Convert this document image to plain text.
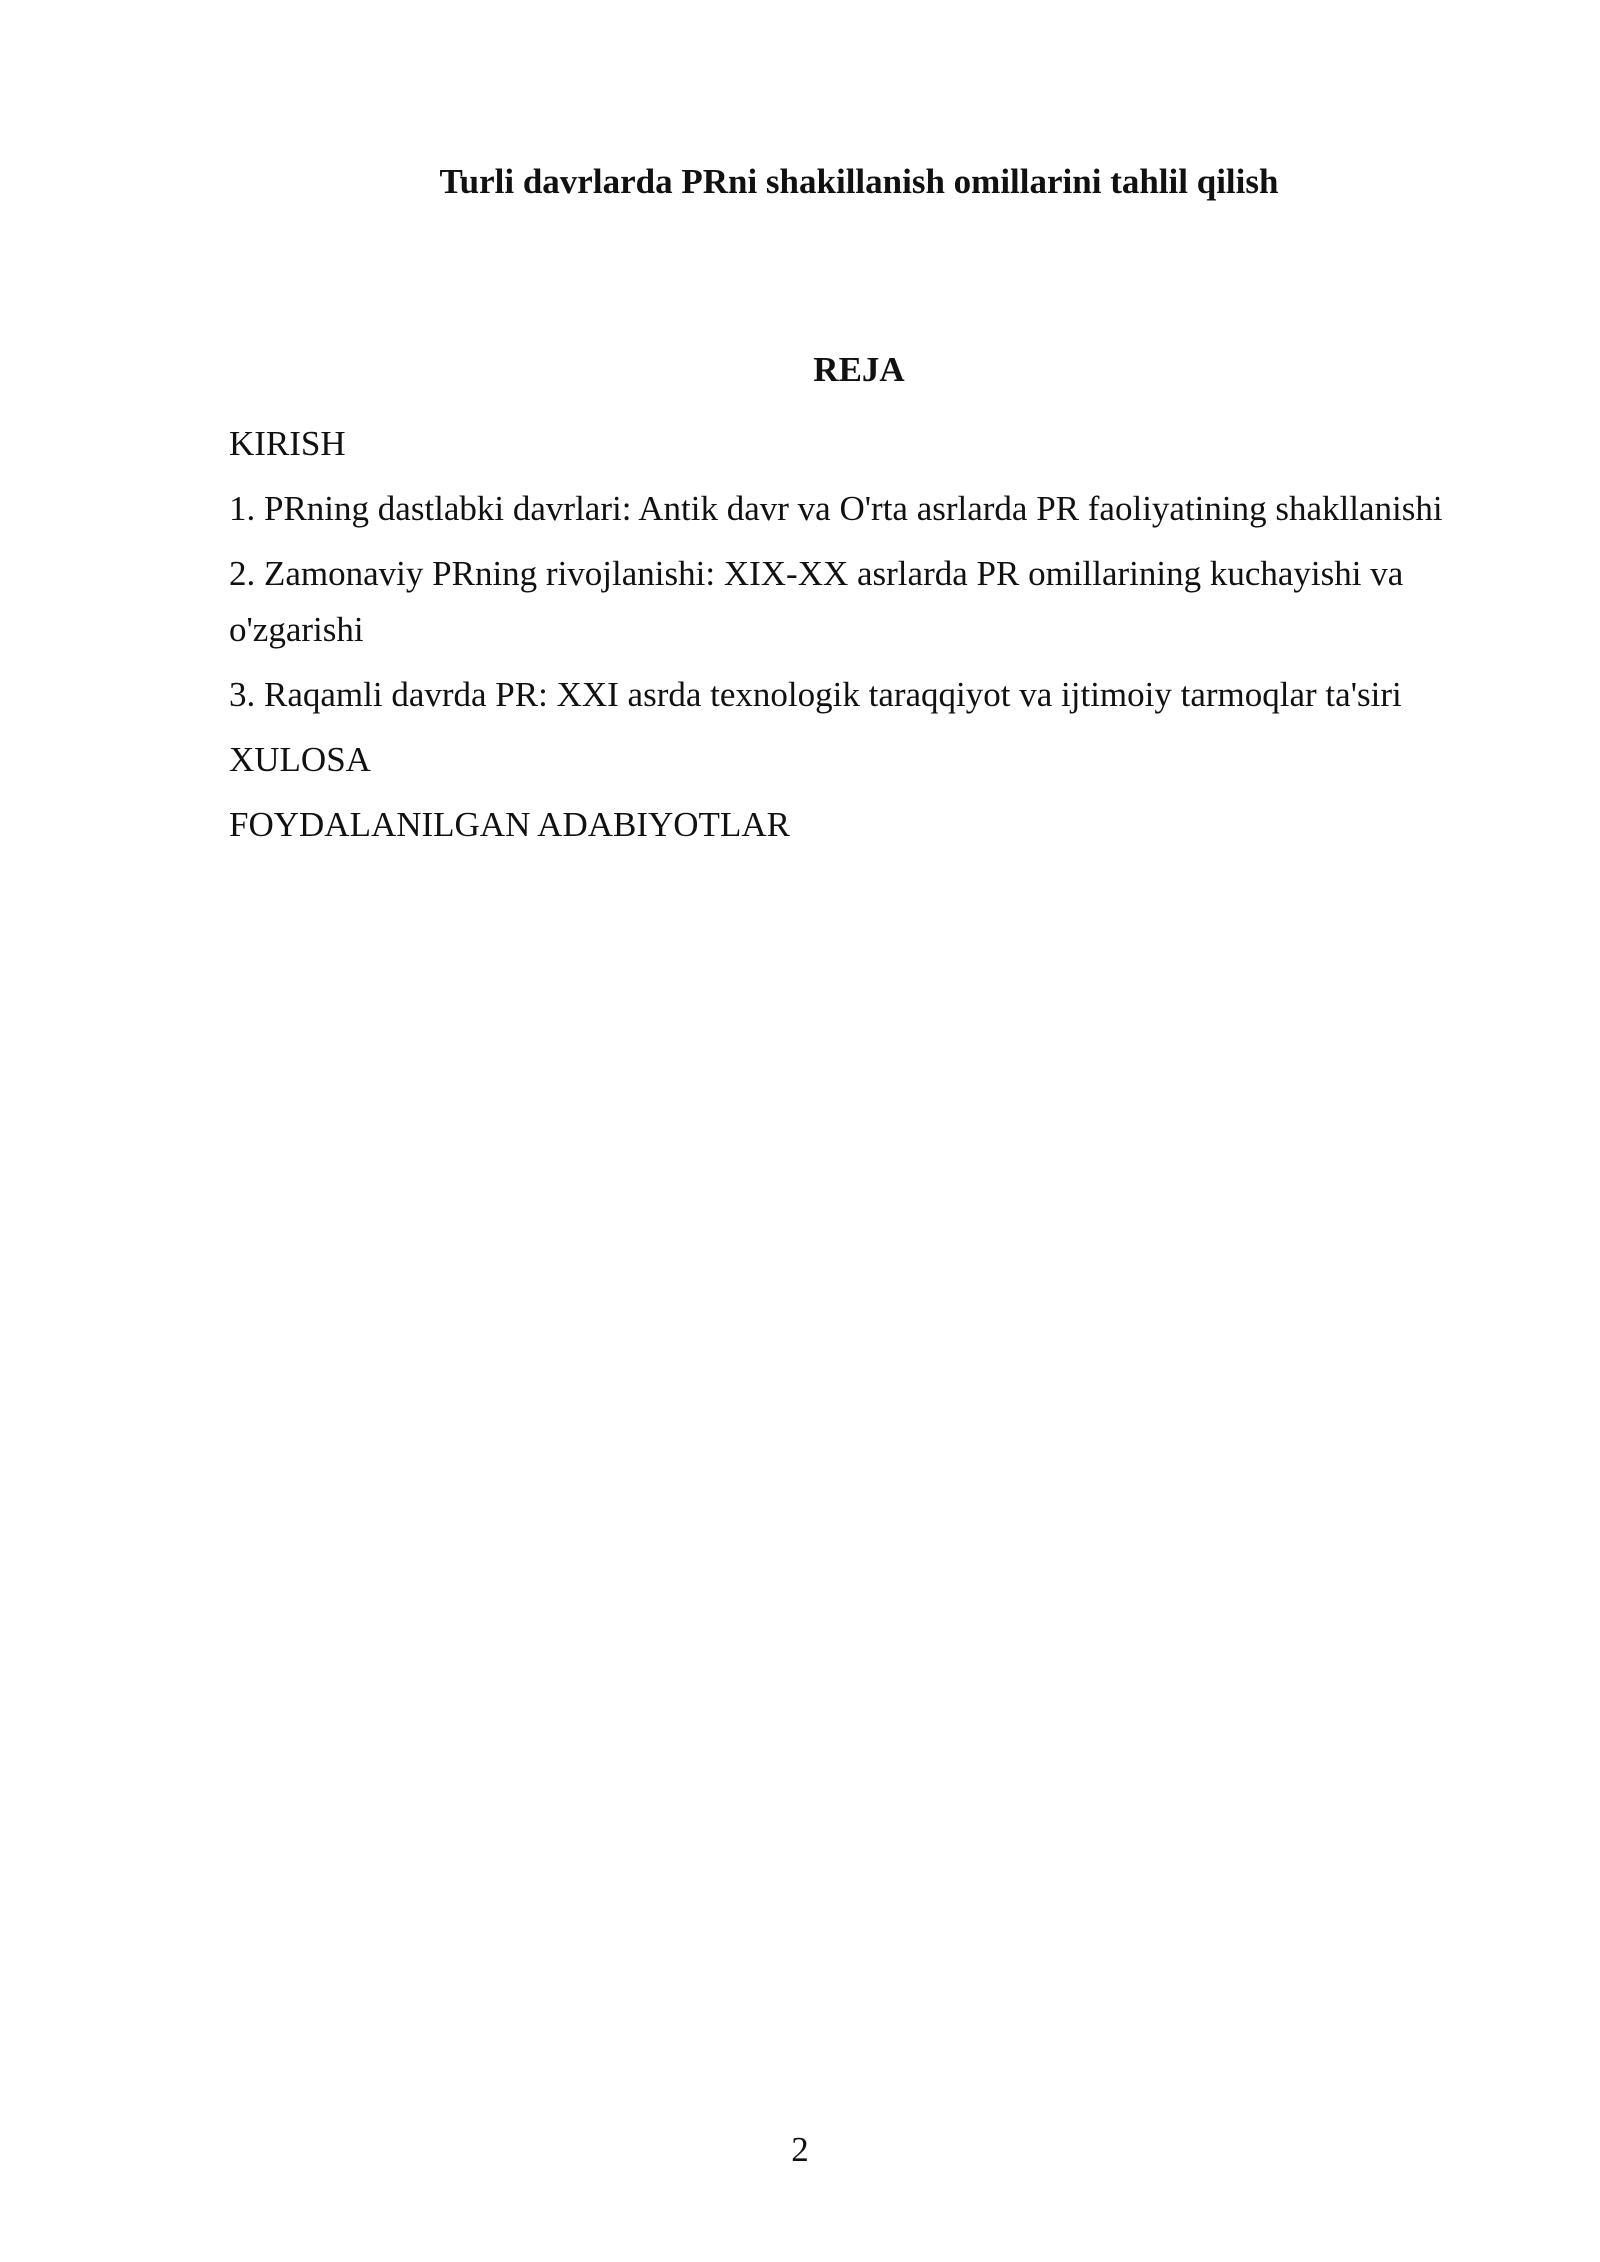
Turli davrlarda PRni shakillanish omillarini tahlil qilish
REJA
KIRISH
1. PRning dastlabki davrlari: Antik davr va O'rta asrlarda PR faoliyatining shakllanishi
2. Zamonaviy PRning rivojlanishi: XIX-XX asrlarda PR omillarining kuchayishi va o'zgarishi
3. Raqamli davrda PR: XXI asrda texnologik taraqqiyot va ijtimoiy tarmoqlar ta'siri
XULOSA
FOYDALANILGAN ADABIYOTLAR
2
